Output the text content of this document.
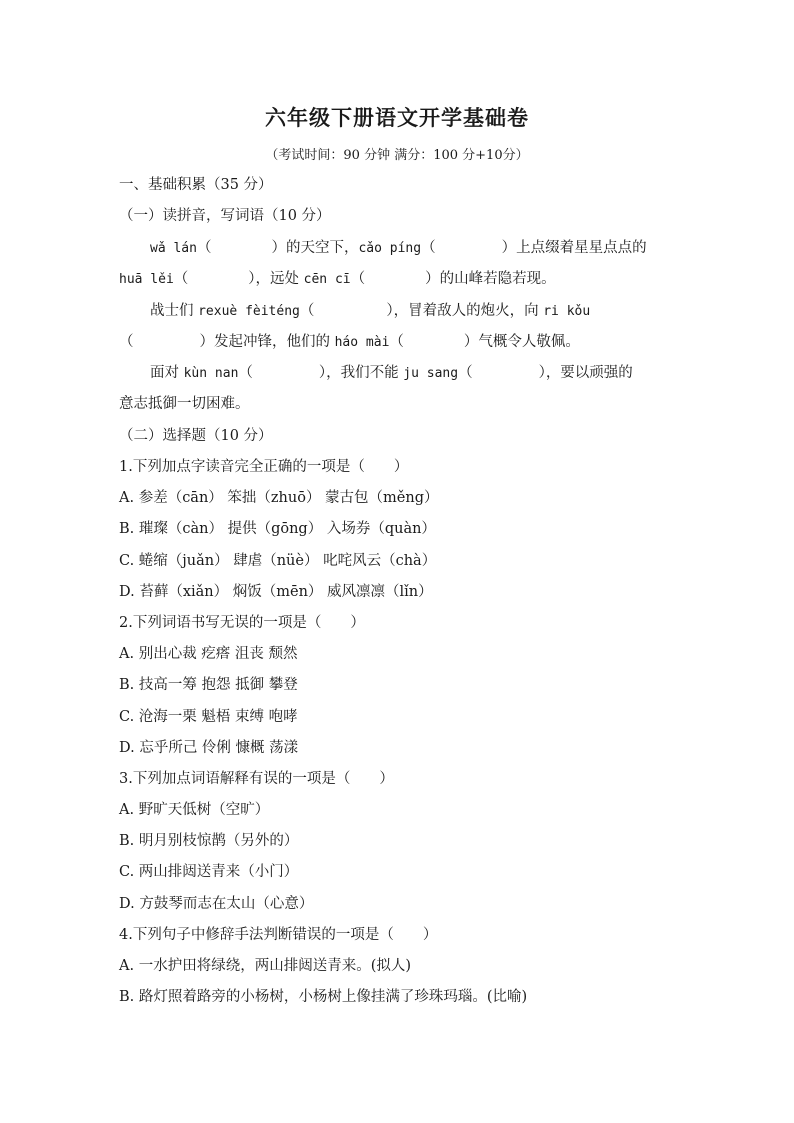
六年级下册语文开学基础卷
（考试时间：90 分钟 满分：100 分+10分）
一、基础积累（35 分）
（一）读拼音，写词语（10 分）
wǎ lán（	）的天空下，cǎo píng（	）上点缀着星星点点的
huā lěi（	），远处 cēn cī（	）的山峰若隐若现。
战士们 rexuè fèiténg（	），冒着敌人的炮火，向 ri kǒu
（	）发起冲锋，他们的 háo mài（	）气概令人敬佩。
面对 kùn nan（	），我们不能 ju sang（	），要以顽强的
意志抵御一切困难。
（二）选择题（10 分）
1.下列加点字读音完全正确的一项是（　　）
A. 参差（cān） 笨拙（zhuō） 蒙古包（měng）
B. 璀璨（càn） 提供（gōng） 入场券（quàn）
C. 蜷缩（juǎn） 肆虐（nüè） 叱咤风云（chà）
D. 苔藓（xiǎn） 焖饭（mēn） 威风凛凛（lǐn）
2.下列词语书写无误的一项是（　　）
A. 别出心裁 疙瘩 沮丧 颓然
B. 技高一筹 抱怨 抵御 攀登
C. 沧海一栗 魁梧 束缚 咆哮
D. 忘乎所己 伶俐 慷概 荡漾
3.下列加点词语解释有误的一项是（　　）
A. 野旷天低树（空旷）
B. 明月别枝惊鹊（另外的）
C. 两山排闼送青来（小门）
D. 方鼓琴而志在太山（心意）
4.下列句子中修辞手法判断错误的一项是（　　）
A. 一水护田将绿绕，两山排闼送青来。(拟人)
B. 路灯照着路旁的小杨树，小杨树上像挂满了珍珠玛瑙。(比喻)
